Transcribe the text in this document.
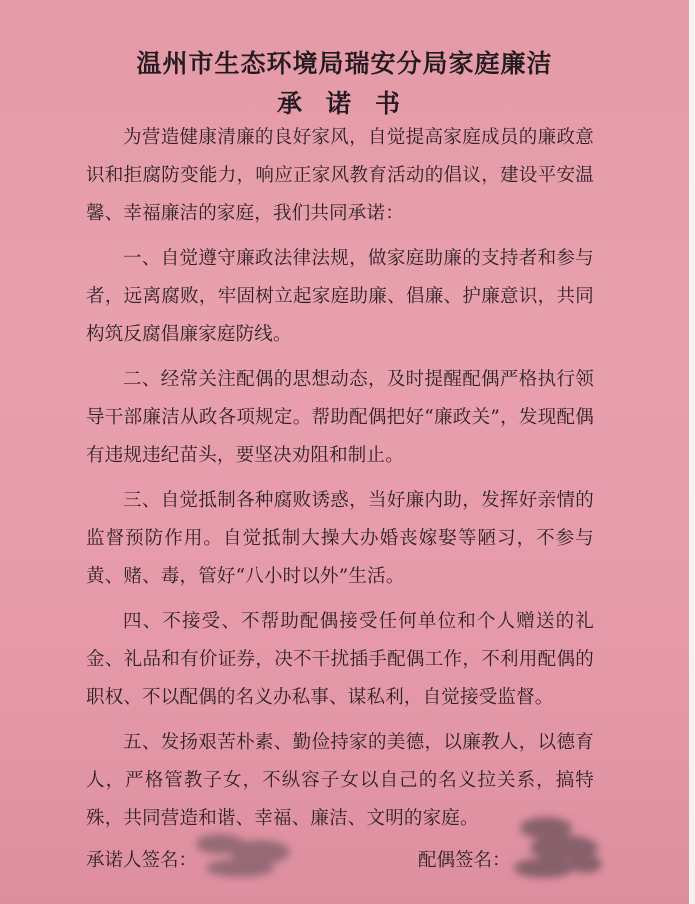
温州市生态环境局瑞安分局家庭廉洁
承诺书

为营造健康清廉的良好家风，自觉提高家庭成员的廉政意识和拒腐防变能力，响应正家风教育活动的倡议，建设平安温馨、幸福廉洁的家庭，我们共同承诺：

一、自觉遵守廉政法律法规，做家庭助廉的支持者和参与者，远离腐败，牢固树立起家庭助廉、倡廉、护廉意识，共同构筑反腐倡廉家庭防线。

二、经常关注配偶的思想动态，及时提醒配偶严格执行领导干部廉洁从政各项规定。帮助配偶把好“廉政关”，发现配偶有违规违纪苗头，要坚决劝阻和制止。

三、自觉抵制各种腐败诱惑，当好廉内助，发挥好亲情的监督预防作用。自觉抵制大操大办婚丧嫁娶等陋习，不参与黄、赌、毒，管好“八小时以外”生活。

四、不接受、不帮助配偶接受任何单位和个人赠送的礼金、礼品和有价证券，决不干扰插手配偶工作，不利用配偶的职权、不以配偶的名义办私事、谋私利，自觉接受监督。

五、发扬艰苦朴素、勤俭持家的美德，以廉教人，以德育人，严格管教子女，不纵容子女以自己的名义拉关系，搞特殊，共同营造和谐、幸福、廉洁、文明的家庭。

承诺人签名：	配偶签名：
